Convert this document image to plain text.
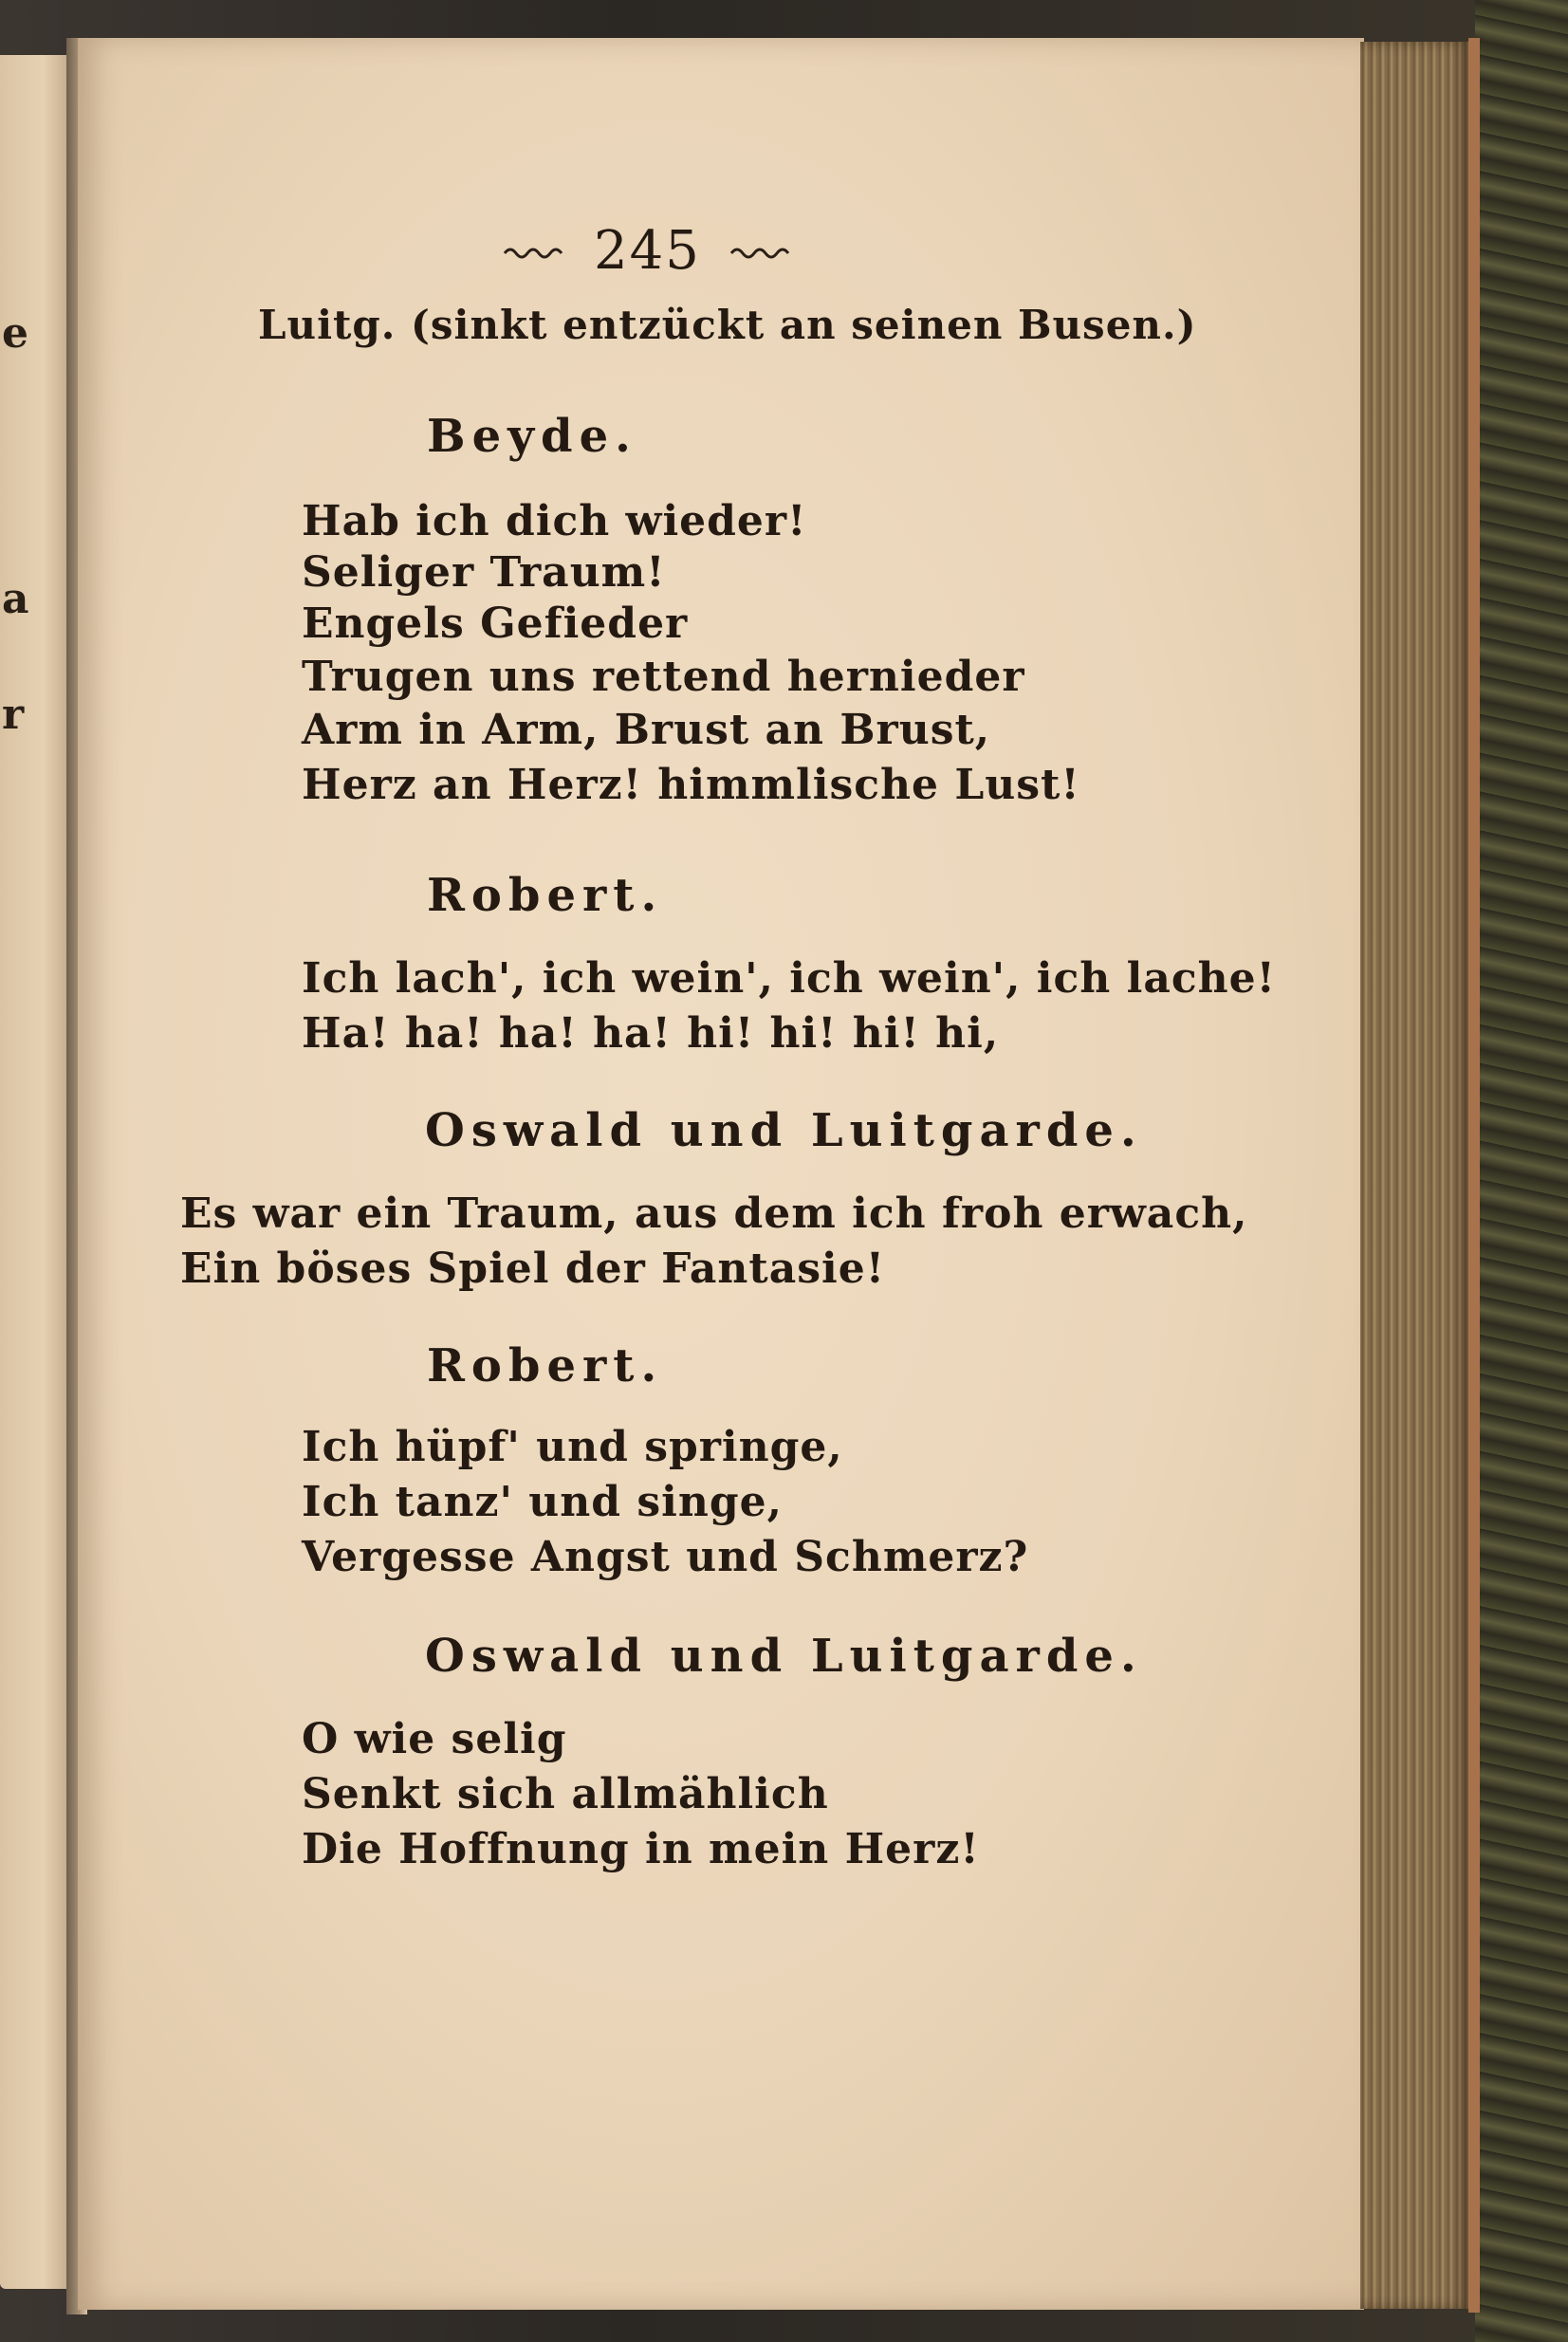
e
a
r
245
Luitg. (sinkt entzückt an seinen Busen.)
Beyde.
Hab ich dich wieder!
Seliger Traum!
Engels Gefieder
Trugen uns rettend hernieder
Arm in Arm, Brust an Brust,
Herz an Herz! himmlische Lust!
Robert.
Ich lach', ich wein', ich wein', ich lache!
Ha! ha! ha! ha! hi! hi! hi! hi,
Oswald und Luitgarde.
Es war ein Traum, aus dem ich froh erwach,
Ein böses Spiel der Fantasie!
Robert.
Ich hüpf' und springe,
Ich tanz' und singe,
Vergesse Angst und Schmerz?
Oswald und Luitgarde.
O wie selig
Senkt sich allmählich
Die Hoffnung in mein Herz!
